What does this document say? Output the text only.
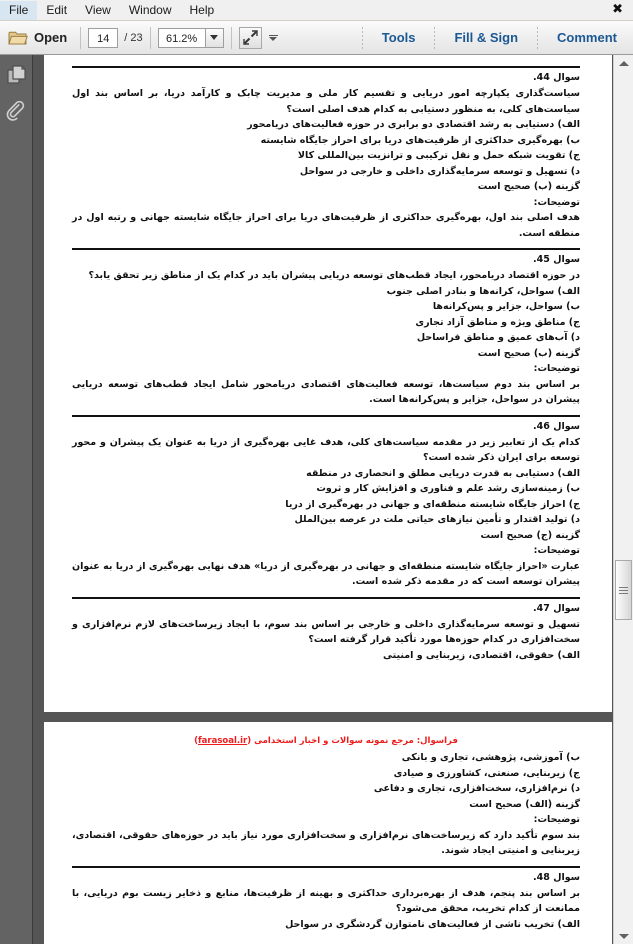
File	Edit	View	Window	Help	✖
Open	14	/ 23	61.2%	Tools	Fill & Sign	Comment
سوال 44.
سیاست‌گذاری یکپارچه امور دریایی و تقسیم کار ملی و مدیریت چابک و کارآمد دریا، بر اساس بند اول سیاست‌های کلی، به منظور دستیابی به کدام هدف اصلی است؟
الف) دستیابی به رشد اقتصادی دو برابری در حوزه فعالیت‌های دریامحور
ب) بهره‌گیری حداکثری از ظرفیت‌های دریا برای احراز جایگاه شایسته
ج) تقویت شبکه حمل و نقل ترکیبی و ترانزیت بین‌المللی کالا
د) تسهیل و توسعه سرمایه‌گذاری داخلی و خارجی در سواحل
گزینه (ب) صحیح است
توضیحات:
هدف اصلی بند اول، بهره‌گیری حداکثری از ظرفیت‌های دریا برای احراز جایگاه شایسته جهانی و رتبه اول در منطقه است.
سوال 45.
در حوزه اقتصاد دریامحور، ایجاد قطب‌های توسعه دریایی پیشران باید در کدام یک از مناطق زیر تحقق یابد؟
الف) سواحل، کرانه‌ها و بنادر اصلی جنوب
ب) سواحل، جزایر و پس‌کرانه‌ها
ج) مناطق ویژه و مناطق آزاد تجاری
د) آب‌های عمیق و مناطق فراساحل
گزینه (ب) صحیح است
توضیحات:
بر اساس بند دوم سیاست‌ها، توسعه فعالیت‌های اقتصادی دریامحور شامل ایجاد قطب‌های توسعه دریایی پیشران در سواحل، جزایر و پس‌کرانه‌ها است.
سوال 46.
کدام یک از تعابیر زیر در مقدمه سیاست‌های کلی، هدف غایی بهره‌گیری از دریا به عنوان یک پیشران و محور توسعه برای ایران ذکر شده است؟
الف) دستیابی به قدرت دریایی مطلق و انحصاری در منطقه
ب) زمینه‌سازی رشد علم و فناوری و افزایش کار و ثروت
ج) احراز جایگاه شایسته منطقه‌ای و جهانی در بهره‌گیری از دریا
د) تولید اقتدار و تأمین نیازهای حیاتی ملت در عرصه بین‌الملل
گزینه (ج) صحیح است
توضیحات:
عبارت «احراز جایگاه شایسته منطقه‌ای و جهانی در بهره‌گیری از دریا» هدف نهایی بهره‌گیری از دریا به عنوان پیشران توسعه است که در مقدمه ذکر شده است.
سوال 47.
تسهیل و توسعه سرمایه‌گذاری داخلی و خارجی بر اساس بند سوم، با ایجاد زیرساخت‌های لازم نرم‌افزاری و سخت‌افزاری در کدام حوزه‌ها مورد تأکید قرار گرفته است؟
الف) حقوقی، اقتصادی، زیربنایی و امنیتی
فراسوال: مرجع نمونه سوالات و اخبار استخدامی (farasoal.ir)
ب) آموزشی، پژوهشی، تجاری و بانکی
ج) زیربنایی، صنعتی، کشاورزی و صیادی
د) نرم‌افزاری، سخت‌افزاری، تجاری و دفاعی
گزینه (الف) صحیح است
توضیحات:
بند سوم تأکید دارد که زیرساخت‌های نرم‌افزاری و سخت‌افزاری مورد نیاز باید در حوزه‌های حقوقی، اقتصادی، زیربنایی و امنیتی ایجاد شوند.
سوال 48.
بر اساس بند پنجم، هدف از بهره‌برداری حداکثری و بهینه از ظرفیت‌ها، منابع و ذخایر زیست بوم دریایی، با ممانعت از کدام تخریب، محقق می‌شود؟
الف) تخریب ناشی از فعالیت‌های نامتوازن گردشگری در سواحل
